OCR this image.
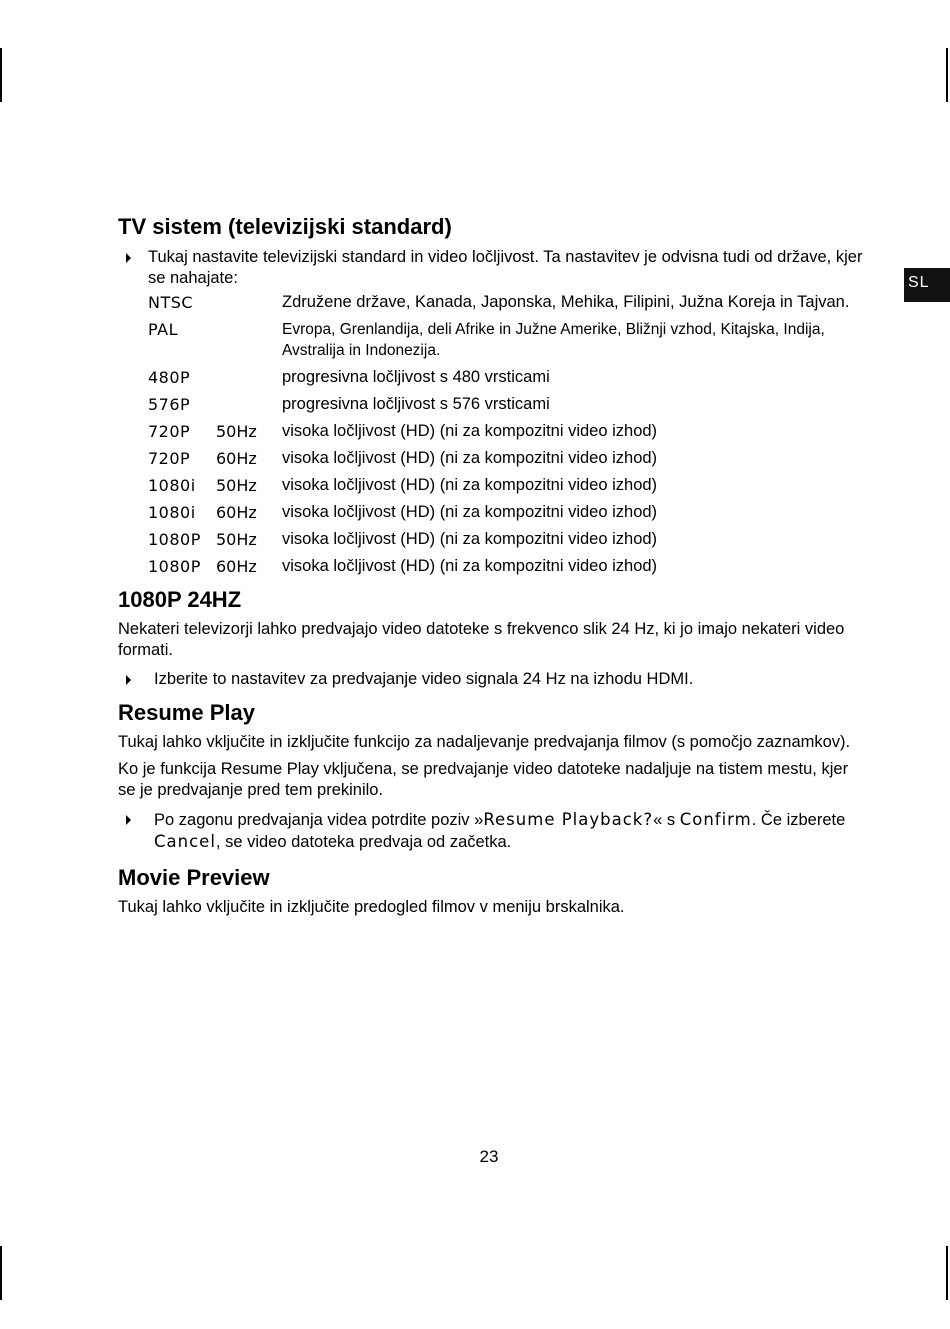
SL
TV sistem (televizijski standard)
Tukaj nastavite televizijski standard in video ločljivost. Ta nastavitev je odvisna tudi od države, kjer se nahajate:
NTSC	Združene države, Kanada, Japonska, Mehika, Filipini, Južna Koreja in Tajvan.
PAL	Evropa, Grenlandija, deli Afrike in Južne Amerike, Bližnji vzhod, Kitajska, Indija, Avstralija in Indonezija.
480P	progresivna ločljivost s 480 vrsticami
576P	progresivna ločljivost s 576 vrsticami
720P	50Hz	visoka ločljivost (HD) (ni za kompozitni video izhod)
720P	60Hz	visoka ločljivost (HD) (ni za kompozitni video izhod)
1080i	50Hz	visoka ločljivost (HD) (ni za kompozitni video izhod)
1080i	60Hz	visoka ločljivost (HD) (ni za kompozitni video izhod)
1080P 50Hz	visoka ločljivost (HD) (ni za kompozitni video izhod)
1080P 60Hz	visoka ločljivost (HD) (ni za kompozitni video izhod)
1080P 24HZ

Nekateri televizorji lahko predvajajo video datoteke s frekvenco slik 24 Hz, ki jo imajo nekateri video formati.

Izberite to nastavitev za predvajanje video signala 24 Hz na izhodu HDMI.
Resume Play

Tukaj lahko vključite in izključite funkcijo za nadaljevanje predvajanja filmov (s pomočjo zaznamkov).

Ko je funkcija Resume Play vključena, se predvajanje video datoteke nadaljuje na tistem mestu, kjer se je predvajanje pred tem prekinilo.

Po zagonu predvajanja videa potrdite poziv »Resume Playback?« s Confirm. Če izberete Cancel, se video datoteka predvaja od začetka.
Movie Preview

Tukaj lahko vključite in izključite predogled filmov v meniju brskalnika.

23
